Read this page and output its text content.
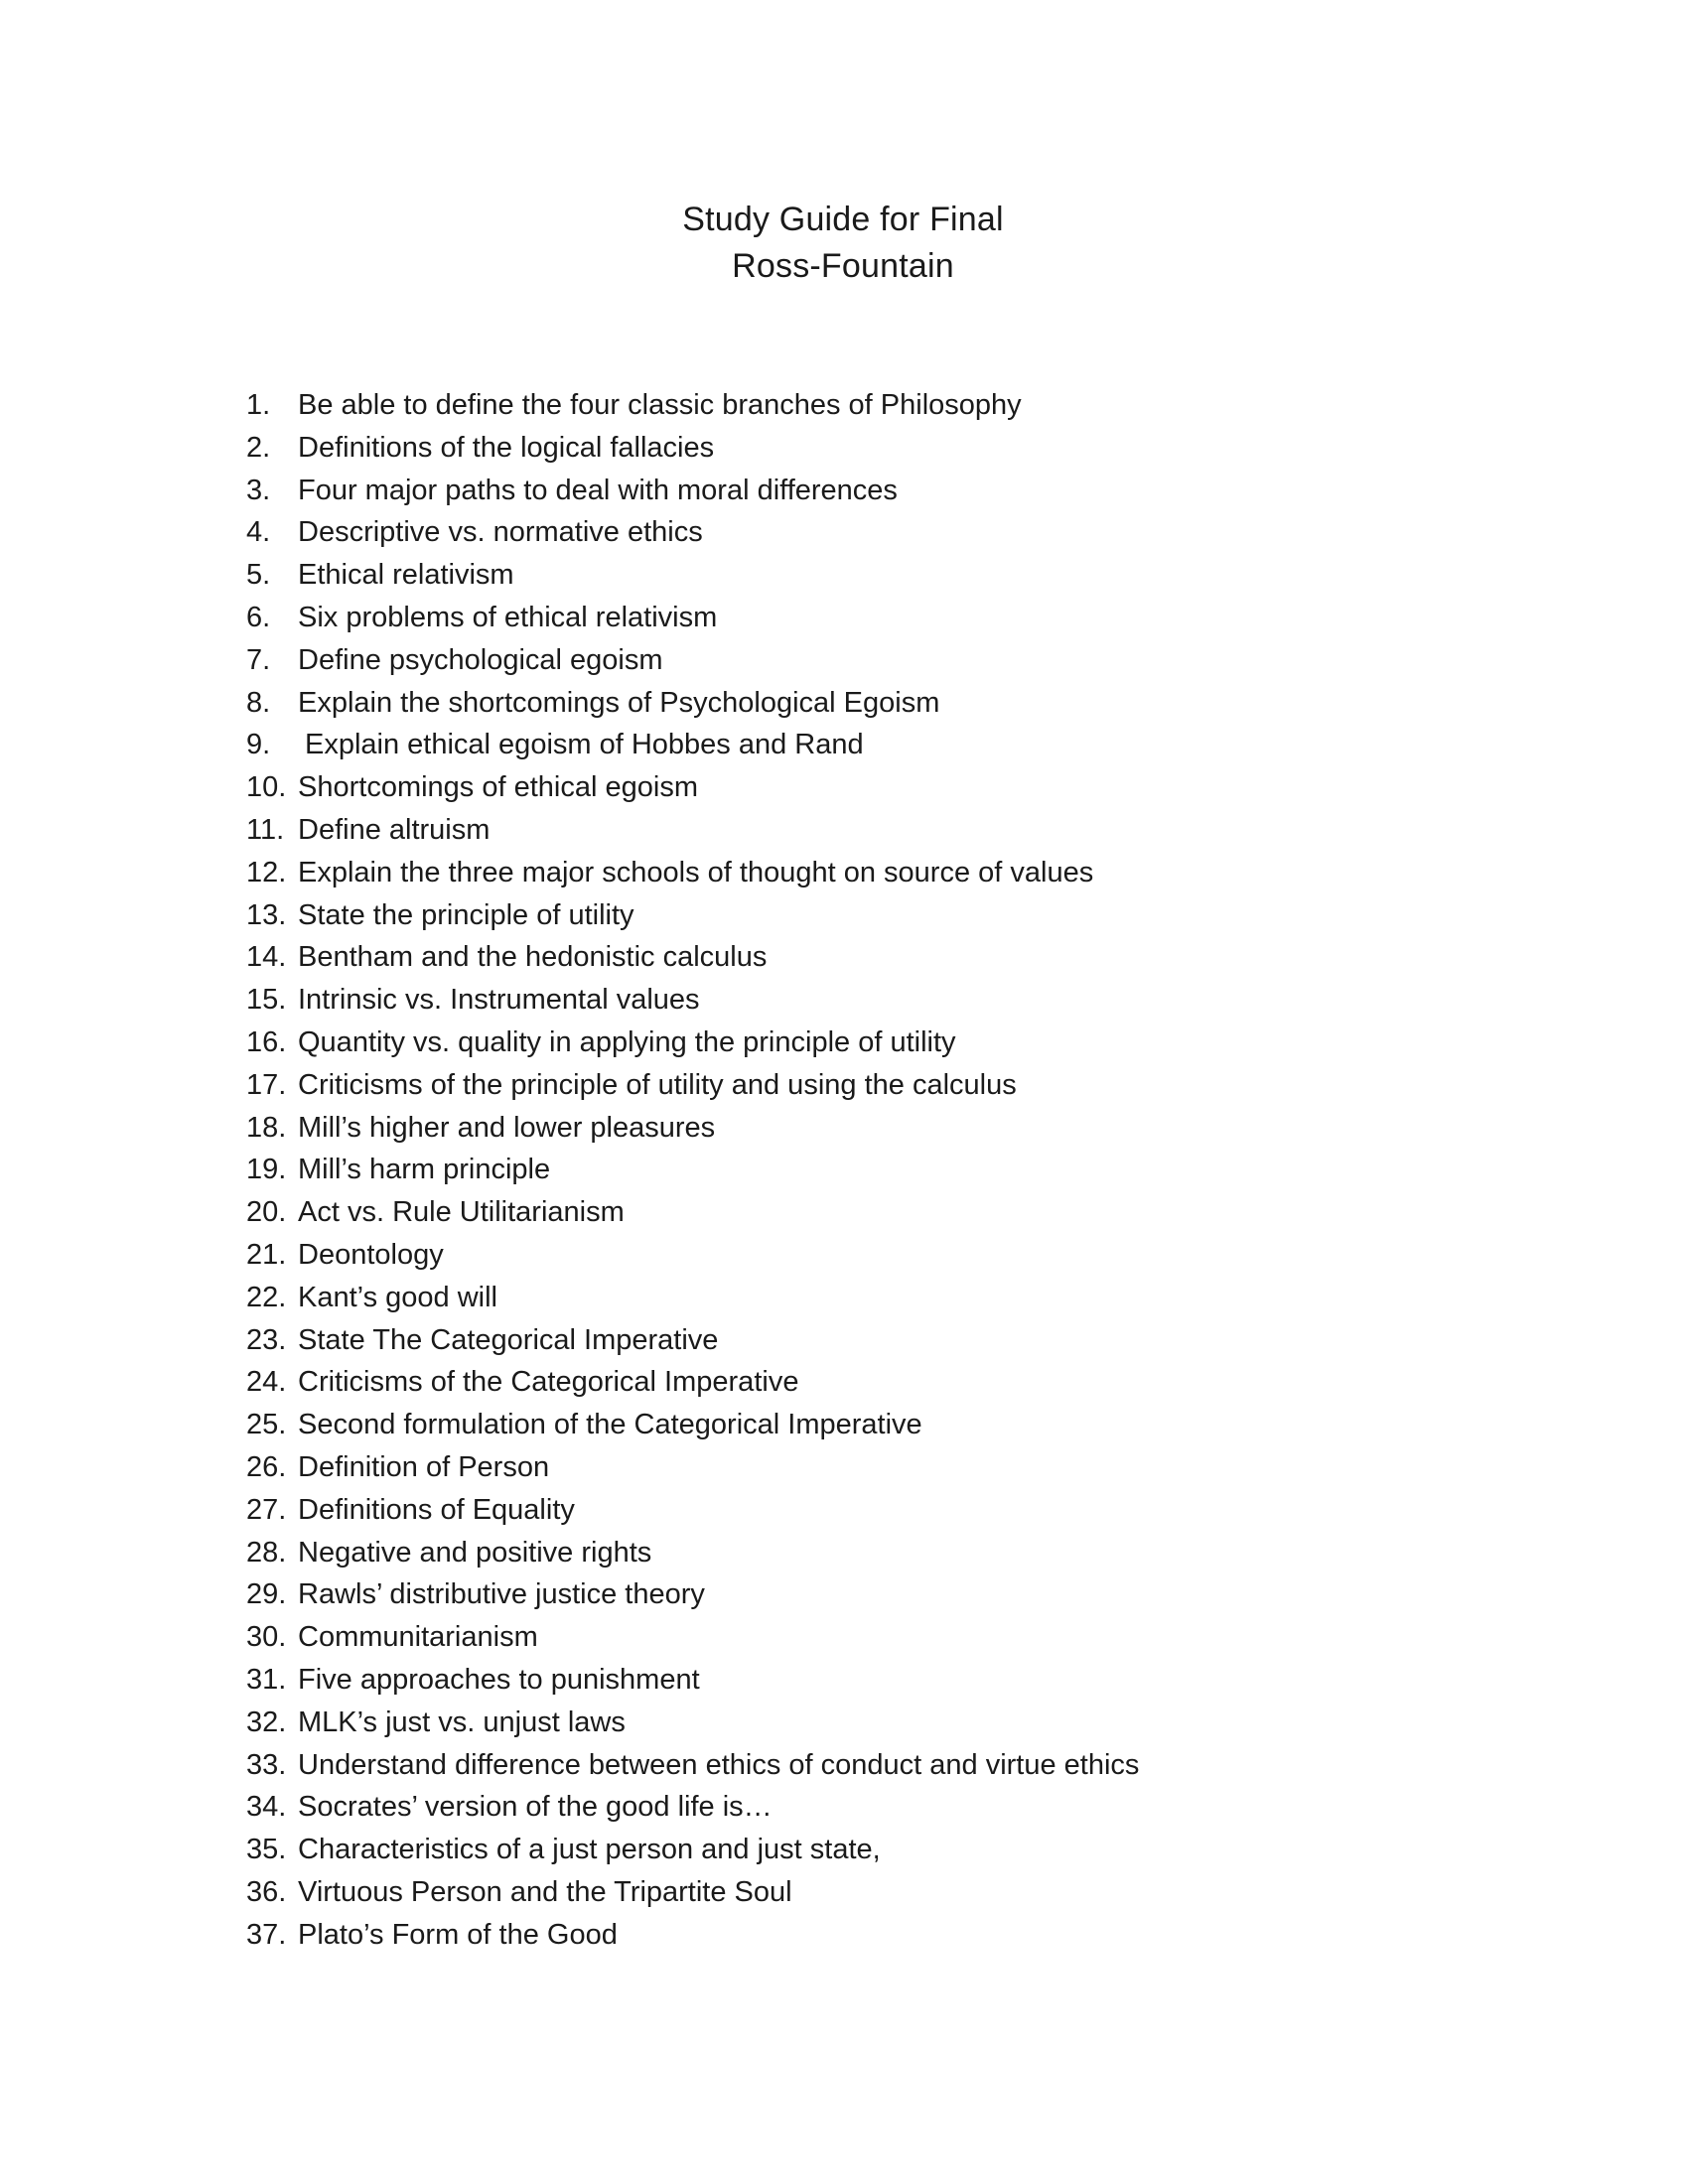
Study Guide for Final
Ross-Fountain
1. Be able to define the four classic branches of Philosophy
2. Definitions of the logical fallacies
3. Four major paths to deal with moral differences
4. Descriptive vs. normative ethics
5. Ethical relativism
6. Six problems of ethical relativism
7. Define psychological egoism
8. Explain the shortcomings of Psychological Egoism
9. Explain ethical egoism of Hobbes and Rand
10. Shortcomings of ethical egoism
11. Define altruism
12. Explain the three major schools of thought on source of values
13. State the principle of utility
14. Bentham and the hedonistic calculus
15. Intrinsic vs. Instrumental values
16. Quantity vs. quality in applying the principle of utility
17. Criticisms of the principle of utility and using the calculus
18. Mill’s higher and lower pleasures
19. Mill’s harm principle
20. Act vs. Rule Utilitarianism
21. Deontology
22. Kant’s good will
23. State The Categorical Imperative
24. Criticisms of the Categorical Imperative
25. Second formulation of the Categorical Imperative
26. Definition of Person
27. Definitions of Equality
28. Negative and positive rights
29. Rawls’ distributive justice theory
30. Communitarianism
31. Five approaches to punishment
32. MLK’s just vs. unjust laws
33. Understand difference between ethics of conduct and virtue ethics
34. Socrates’ version of the good life is…
35. Characteristics of a just person and just state,
36. Virtuous Person and the Tripartite Soul
37. Plato’s Form of the Good
